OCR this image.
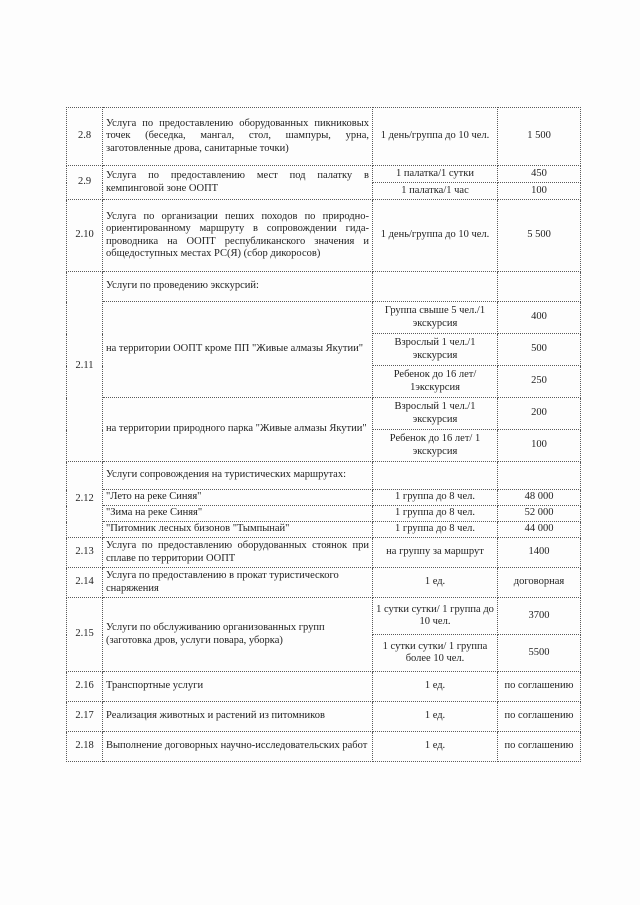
2.8	Услуга по предоставлению оборудованных пикниковых точек (беседка, мангал, стол, шампуры, урна, заготовленные дрова, санитарные точки)	1 день/группа до 10 чел.	1 500
2.9	Услуга по предоставлению мест под палатку в кемпинговой зоне ООПТ	1 палатка/1 сутки	450
		1 палатка/1 час	100
2.10	Услуга по организации пеших походов по природно-ориентированному маршруту в сопровождении гида-проводника на ООПТ республиканского значения и общедоступных местах РС(Я) (сбор дикоросов)	1 день/группа до 10 чел.	5 500
2.11	Услуги по проведению экскурсий:		
	на территории ООПТ кроме ПП "Живые алмазы Якутии"	Группа свыше 5 чел./1 экскурсия	400
		Взрослый 1 чел./1 экскурсия	500
		Ребенок до 16 лет/ 1экскурсия	250
	на территории природного парка "Живые алмазы Якутии"	Взрослый 1 чел./1 экскурсия	200
		Ребенок до 16 лет/ 1 экскурсия	100
2.12	Услуги сопровождения на туристических маршрутах:		
	"Лето на реке Синяя"	1 группа до 8 чел.	48 000
	"Зима на реке Синяя"	1 группа до 8 чел.	52 000
	"Питомник лесных бизонов "Тымпынай"	1 группа до 8 чел.	44 000
2.13	Услуга по предоставлению оборудованных стоянок при сплаве по территории ООПТ	на группу за маршрут	1400
2.14	Услуга по предоставлению в прокат туристического снаряжения	1 ед.	договорная
2.15	Услуги по обслуживанию организованных групп (заготовка дров, услуги повара, уборка)	1 сутки сутки/ 1 группа до 10 чел.	3700
		1 сутки сутки/ 1 группа более 10 чел.	5500
2.16	Транспортные услуги	1 ед.	по соглашению
2.17	Реализация животных и растений из питомников	1 ед.	по соглашению
2.18	Выполнение договорных научно-исследовательских работ	1 ед.	по соглашению
